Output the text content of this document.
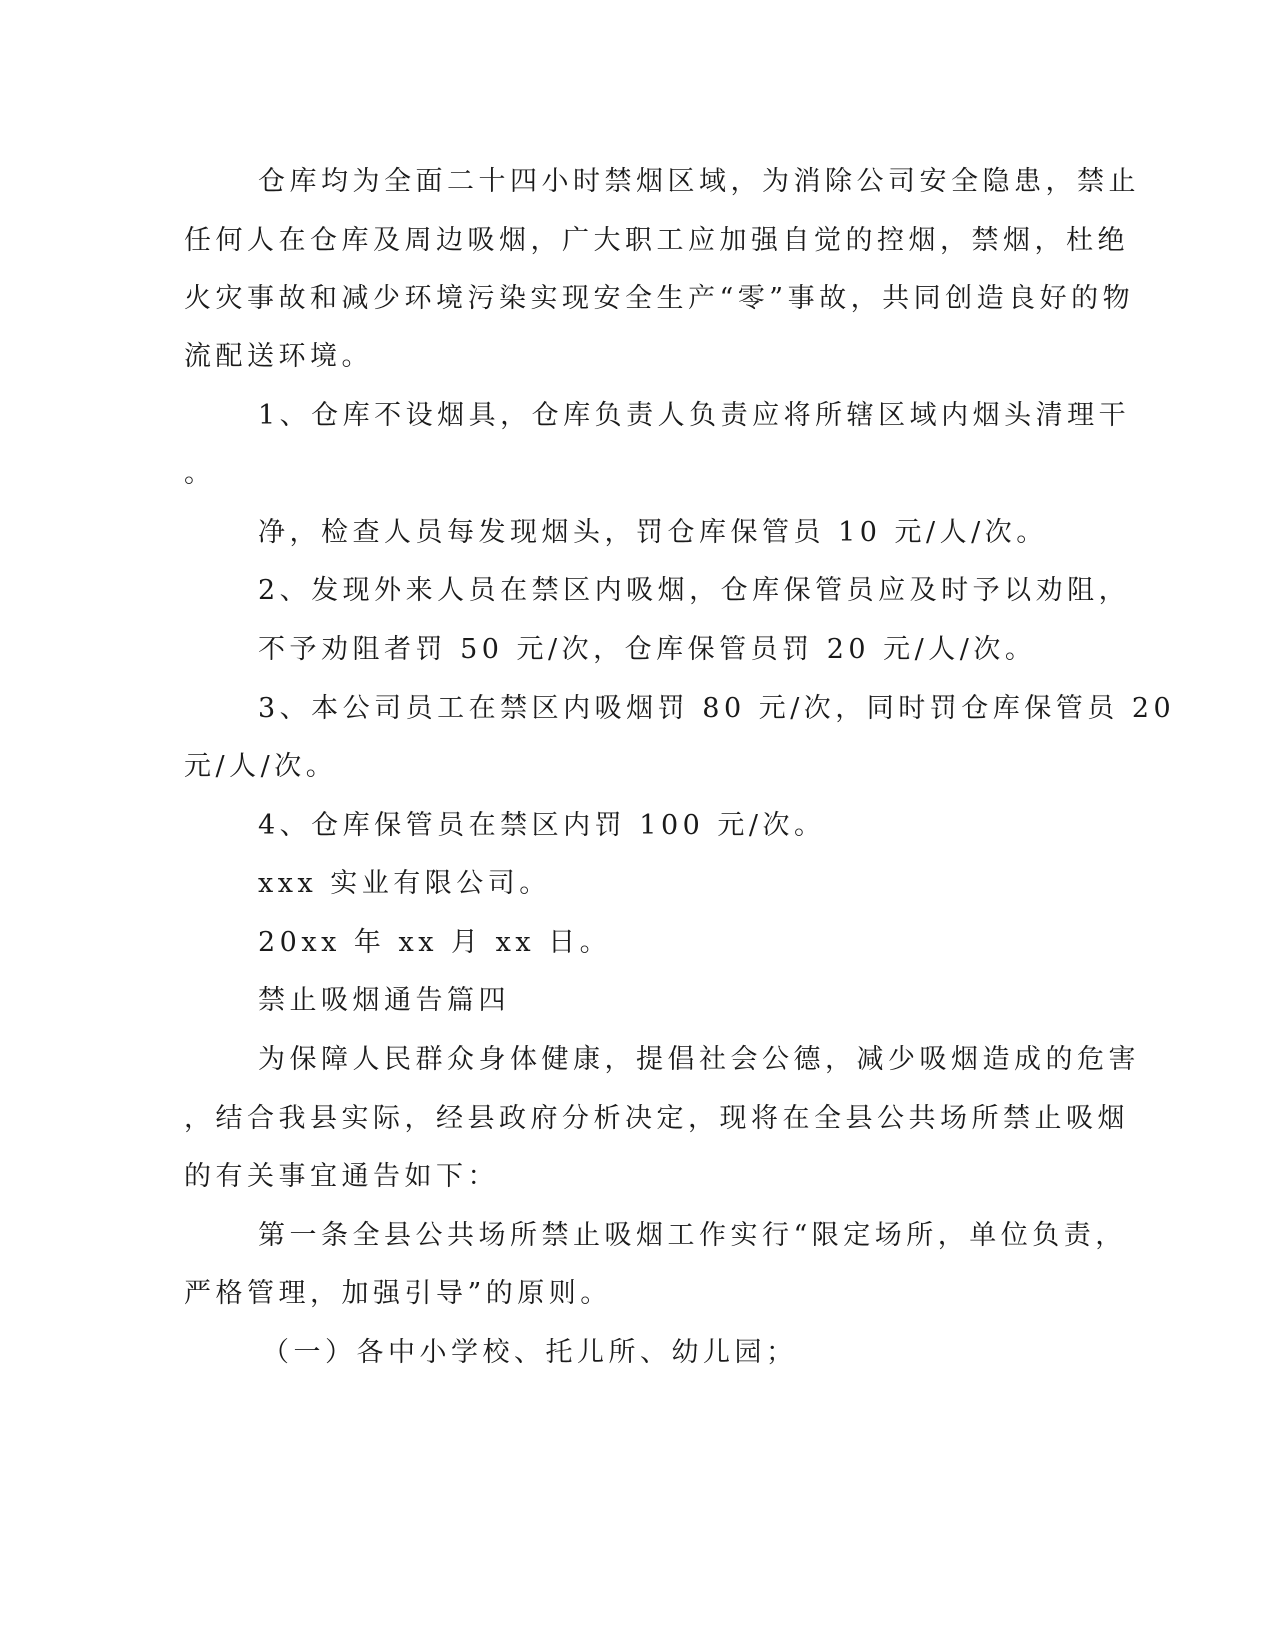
仓库均为全面二十四小时禁烟区域，为消除公司安全隐患，禁止
任何人在仓库及周边吸烟，广大职工应加强自觉的控烟，禁烟，杜绝
火灾事故和减少环境污染实现安全生产“零”事故，共同创造良好的物
流配送环境。
1、仓库不设烟具，仓库负责人负责应将所辖区域内烟头清理干
。
净，检查人员每发现烟头，罚仓库保管员 10 元/人/次。
2、发现外来人员在禁区内吸烟，仓库保管员应及时予以劝阻，
不予劝阻者罚 50 元/次，仓库保管员罚 20 元/人/次。
3、本公司员工在禁区内吸烟罚 80 元/次，同时罚仓库保管员 20
元/人/次。
4、仓库保管员在禁区内罚 100 元/次。
xxx 实业有限公司。
20xx 年 xx 月 xx 日。
禁止吸烟通告篇四
为保障人民群众身体健康，提倡社会公德，减少吸烟造成的危害
，结合我县实际，经县政府分析决定，现将在全县公共场所禁止吸烟
的有关事宜通告如下：
第一条全县公共场所禁止吸烟工作实行“限定场所，单位负责，
严格管理，加强引导”的原则。
（一）各中小学校、托儿所、幼儿园；
